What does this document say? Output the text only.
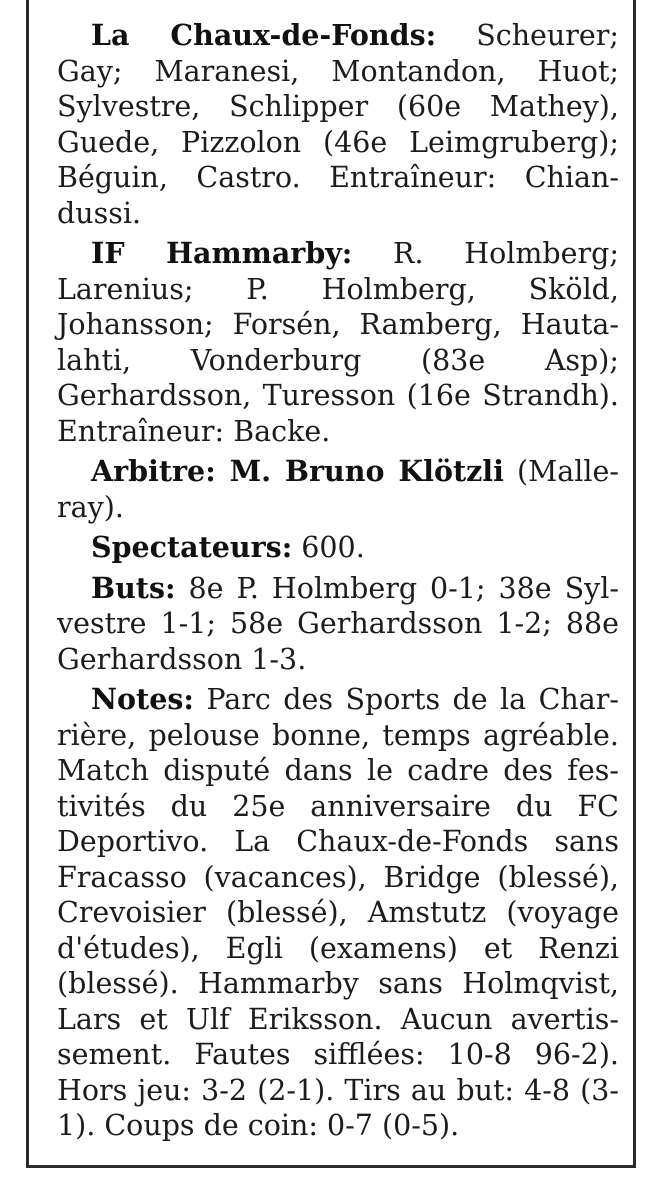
La Chaux-de-Fonds: Scheurer; Gay; Maranesi, Montandon, Huot; Sylvestre, Schlipper (60e Mathey), Guede, Pizzolon (46e Leimgruberg); Béguin, Castro. Entraîneur: Chiandussi.

IF Hammarby: R. Holmberg; Larenius; P. Holmberg, Sköld, Johansson; Forsén, Ramberg, Hautalahti, Vonderburg (83e Asp); Gerhardsson, Turesson (16e Strandh). Entraîneur: Backe.

Arbitre: M. Bruno Klötzli (Malleray).

Spectateurs: 600.

Buts: 8e P. Holmberg 0-1; 38e Sylvestre 1-1; 58e Gerhardsson 1-2; 88e Gerhardsson 1-3.

Notes: Parc des Sports de la Charrière, pelouse bonne, temps agréable. Match disputé dans le cadre des festivités du 25e anniversaire du FC Deportivo. La Chaux-de-Fonds sans Fracasso (vacances), Bridge (blessé), Crevoisier (blessé), Amstutz (voyage d'études), Egli (examens) et Renzi (blessé). Hammarby sans Holmqvist, Lars et Ulf Eriksson. Aucun avertissement. Fautes sifflées: 10-8 96-2). Hors jeu: 3-2 (2-1). Tirs au but: 4-8 (3-1). Coups de coin: 0-7 (0-5).
